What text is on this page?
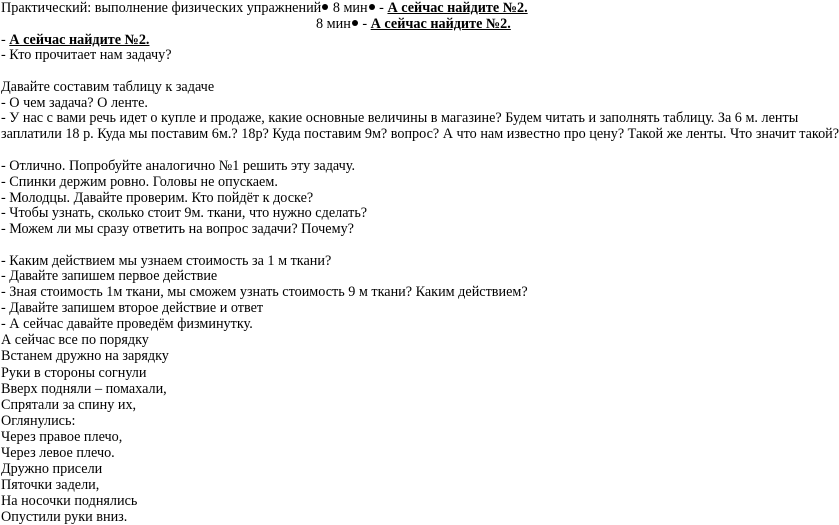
Практический: выполнение физических упражнений 8 мин - А сейчас найдите №2.
8 мин - А сейчас найдите №2.
- А сейчас найдите №2.
- Кто прочитает нам задачу?
Давайте составим таблицу к задаче
- О чем задача? О ленте.
- У нас с вами речь идет о купле и продаже, какие основные величины в магазине? Будем читать и заполнять таблицу. За 6 м. ленты
заплатили 18 р. Куда мы поставим 6м.? 18р? Куда поставим 9м? вопрос? А что нам известно про цену? Такой же ленты. Что значит такой?
- Отлично. Попробуйте аналогично №1 решить эту задачу.
- Спинки держим ровно. Головы не опускаем.
- Молодцы. Давайте проверим. Кто пойдёт к доске?
- Чтобы узнать, сколько стоит 9м. ткани, что нужно сделать?
- Можем ли мы сразу ответить на вопрос задачи? Почему?
- Каким действием мы узнаем стоимость за 1 м ткани?
- Давайте запишем первое действие
- Зная стоимость 1м ткани, мы сможем узнать стоимость 9 м ткани? Каким действием?
- Давайте запишем второе действие и ответ
- А сейчас давайте проведём физминутку.
А сейчас все по порядку
Встанем дружно на зарядку
Руки в стороны согнули
Вверх подняли – помахали,
Спрятали за спину их,
Оглянулись:
Через правое плечо,
Через левое плечо.
Дружно присели
Пяточки задели,
На носочки поднялись
Опустили руки вниз.
